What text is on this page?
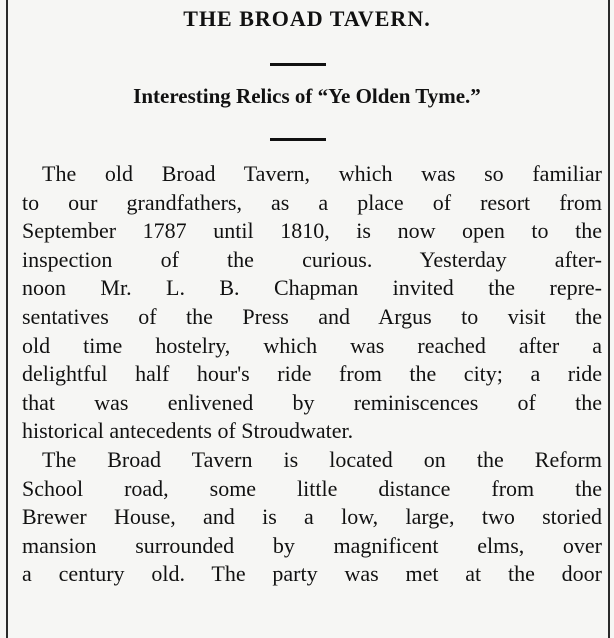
THE BROAD TAVERN.
Interesting Relics of “Ye Olden Tyme.”
The old Broad Tavern, which was so familiar
to our grandfathers, as a place of resort from
September 1787 until 1810, is now open to the
inspection of the curious. Yesterday after-
noon Mr. L. B. Chapman invited the repre-
sentatives of the Press and Argus to visit the
old time hostelry, which was reached after a
delightful half hour's ride from the city; a ride
that was enlivened by reminiscences of the
historical antecedents of Stroudwater.
The Broad Tavern is located on the Reform
School road, some little distance from the
Brewer House, and is a low, large, two storied
mansion surrounded by magnificent elms, over
a century old. The party was met at the door
